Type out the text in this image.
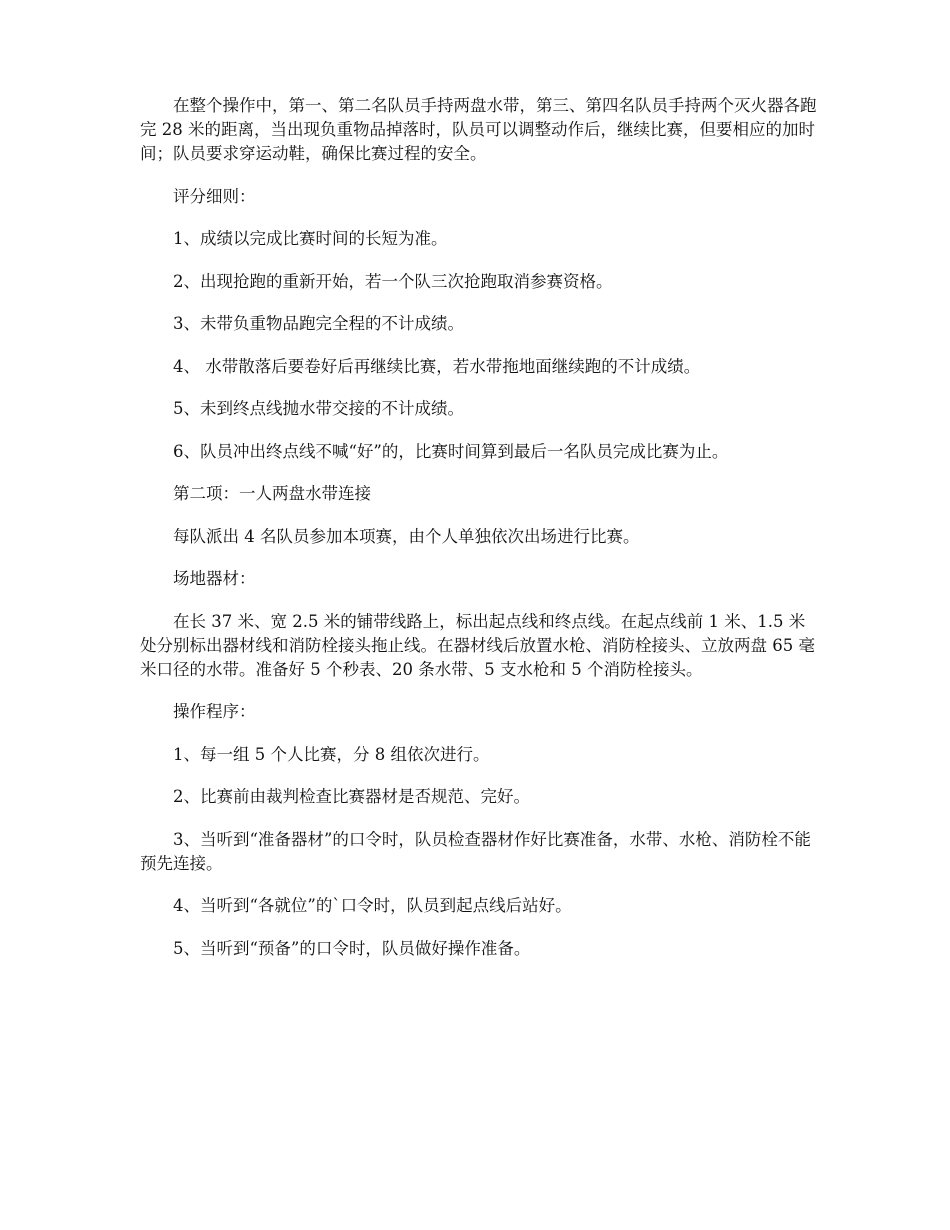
在整个操作中，第一、第二名队员手持两盘水带，第三、第四名队员手持两个灭火器各跑完 28 米的距离，当出现负重物品掉落时，队员可以调整动作后，继续比赛，但要相应的加时间；队员要求穿运动鞋，确保比赛过程的安全。

评分细则：

1、成绩以完成比赛时间的长短为准。

2、出现抢跑的重新开始，若一个队三次抢跑取消参赛资格。

3、未带负重物品跑完全程的不计成绩。

4、 水带散落后要卷好后再继续比赛，若水带拖地面继续跑的不计成绩。

5、未到终点线抛水带交接的不计成绩。

6、队员冲出终点线不喊“好”的，比赛时间算到最后一名队员完成比赛为止。

第二项：一人两盘水带连接

每队派出 4 名队员参加本项赛，由个人单独依次出场进行比赛。

场地器材：

在长 37 米、宽 2.5 米的铺带线路上，标出起点线和终点线。在起点线前 1 米、1.5 米处分别标出器材线和消防栓接头拖止线。在器材线后放置水枪、消防栓接头、立放两盘 65 毫米口径的水带。准备好 5 个秒表、20 条水带、5 支水枪和 5 个消防栓接头。

操作程序：

1、每一组 5 个人比赛，分 8 组依次进行。

2、比赛前由裁判检查比赛器材是否规范、完好。

3、当听到“准备器材”的口令时，队员检查器材作好比赛准备，水带、水枪、消防栓不能预先连接。

4、当听到“各就位”的`口令时，队员到起点线后站好。

5、当听到“预备”的口令时，队员做好操作准备。
